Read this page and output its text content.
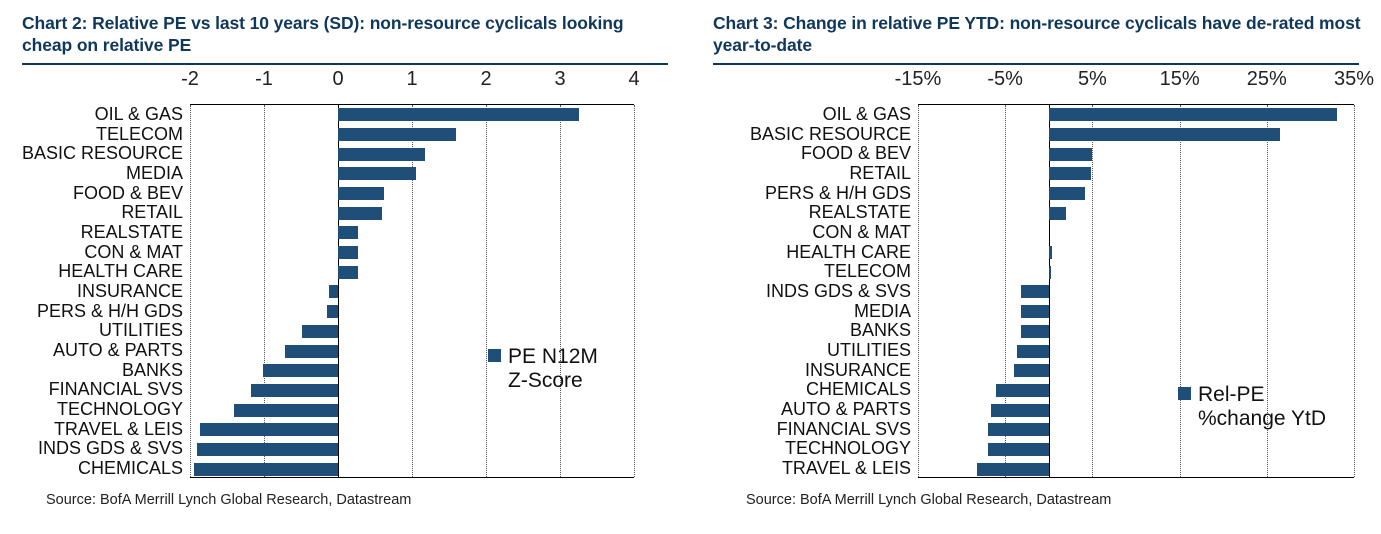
Chart 2: Relative PE vs last 10 years (SD): non-resource cyclicals looking cheap on relative PE
-2	-1	0	1	2	3	4
OIL & GAS
TELECOM
BASIC RESOURCE
MEDIA
FOOD & BEV
RETAIL
REALSTATE
CON & MAT
HEALTH CARE
INSURANCE
PERS & H/H GDS
UTILITIES
AUTO & PARTS
BANKS
FINANCIAL SVS
TECHNOLOGY
TRAVEL & LEIS
INDS GDS & SVS
CHEMICALS
PE N12M
Z-Score
Source: BofA Merrill Lynch Global Research, Datastream
Chart 3: Change in relative PE YTD: non-resource cyclicals have de-rated most year-to-date
-15% -5%	5%	15% 25% 35%
OIL & GAS
BASIC RESOURCE
FOOD & BEV
RETAIL
PERS & H/H GDS
REALSTATE
CON & MAT
HEALTH CARE
TELECOM
INDS GDS & SVS
MEDIA
BANKS
UTILITIES
INSURANCE
CHEMICALS
AUTO & PARTS
FINANCIAL SVS
TECHNOLOGY
TRAVEL & LEIS
Rel-PE
%change YtD
Source: BofA Merrill Lynch Global Research, Datastream
